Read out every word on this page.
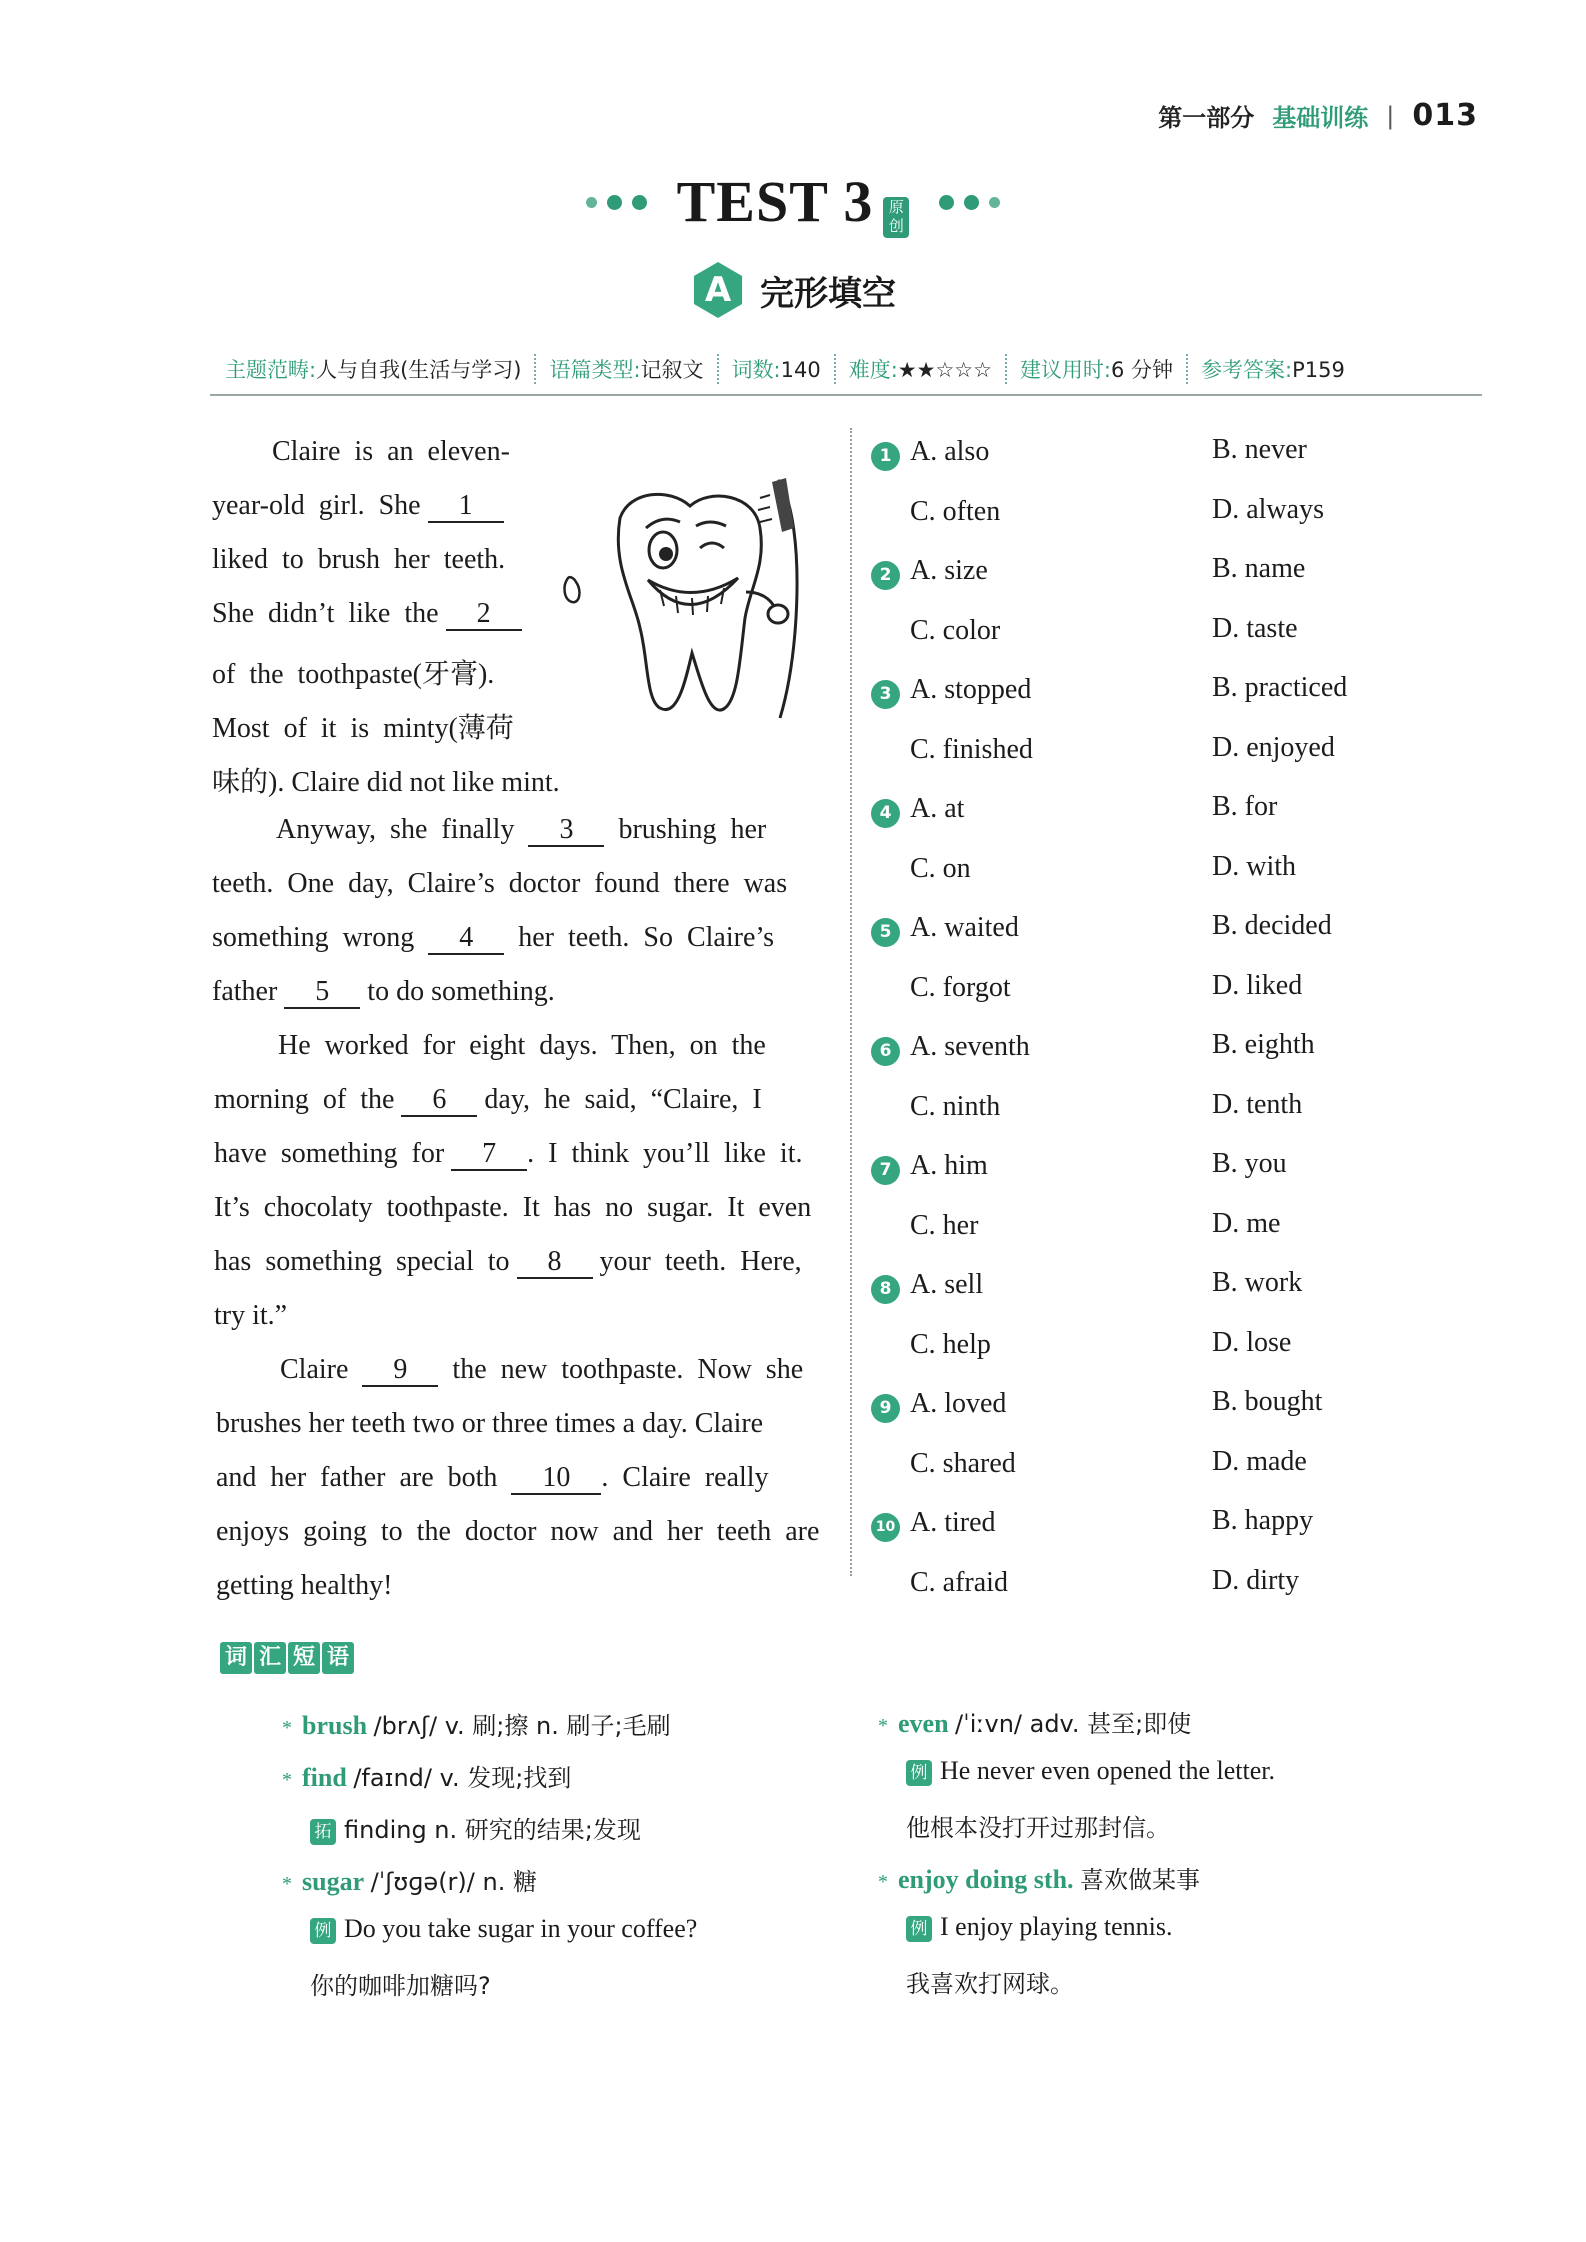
第一部分 基础训练 | 013
TEST 3 原创
A 完形填空
主题范畴:人与自我(生活与学习)	语篇类型:记叙文	词数:140	难度:★★☆☆☆	建议用时:6 分钟	参考答案:P159
Claire  is  an  eleven-
year-old  girl.  She 1
liked  to  brush  her  teeth.
She  didn’t  like  the 2
of  the  toothpaste(牙膏).
Most  of  it  is  minty(薄荷
味的). Claire did not like mint.
Anyway,  she  finally 3 brushing  her
teeth.  One  day,  Claire’s  doctor  found  there  was
something  wrong 4 her  teeth.  So  Claire’s
father 5 to do something.
He  worked  for  eight  days.  Then,  on  the
morning  of  the 6 day,  he  said,  “Claire,  I
have  something  for 7 .  I  think  you’ll  like  it.
It’s  chocolaty  toothpaste.  It  has  no  sugar.  It  even
has  something  special  to 8 your  teeth.  Here,
try it.”
Claire 9 the  new  toothpaste.  Now  she
brushes her teeth two or three times a day. Claire
and  her  father  are  both 10 .  Claire  really
enjoys  going  to  the  doctor  now  and  her  teeth  are
getting healthy!
1 A. also	B. never
C. often	D. always
2 A. size	B. name
C. color	D. taste
3 A. stopped	B. practiced
C. finished	D. enjoyed
4 A. at	B. for
C. on	D. with
5 A. waited	B. decided
C. forgot	D. liked
6 A. seventh	B. eighth
C. ninth	D. tenth
7 A. him	B. you
C. her	D. me
8 A. sell	B. work
C. help	D. lose
9 A. loved	B. bought
C. shared	D. made
10 A. tired	B. happy
C. afraid	D. dirty
词 汇 短 语
* brush /brʌʃ/ v. 刷;擦 n. 刷子;毛刷
* find /faɪnd/ v. 发现;找到
拓 finding n. 研究的结果;发现
* sugar /ˈʃʊɡə(r)/ n. 糖
例 Do you take sugar in your coffee?
你的咖啡加糖吗?
* even /ˈiːvn/ adv. 甚至;即使
例 He never even opened the letter.
他根本没打开过那封信。
* enjoy doing sth. 喜欢做某事
例 I enjoy playing tennis.
我喜欢打网球。
